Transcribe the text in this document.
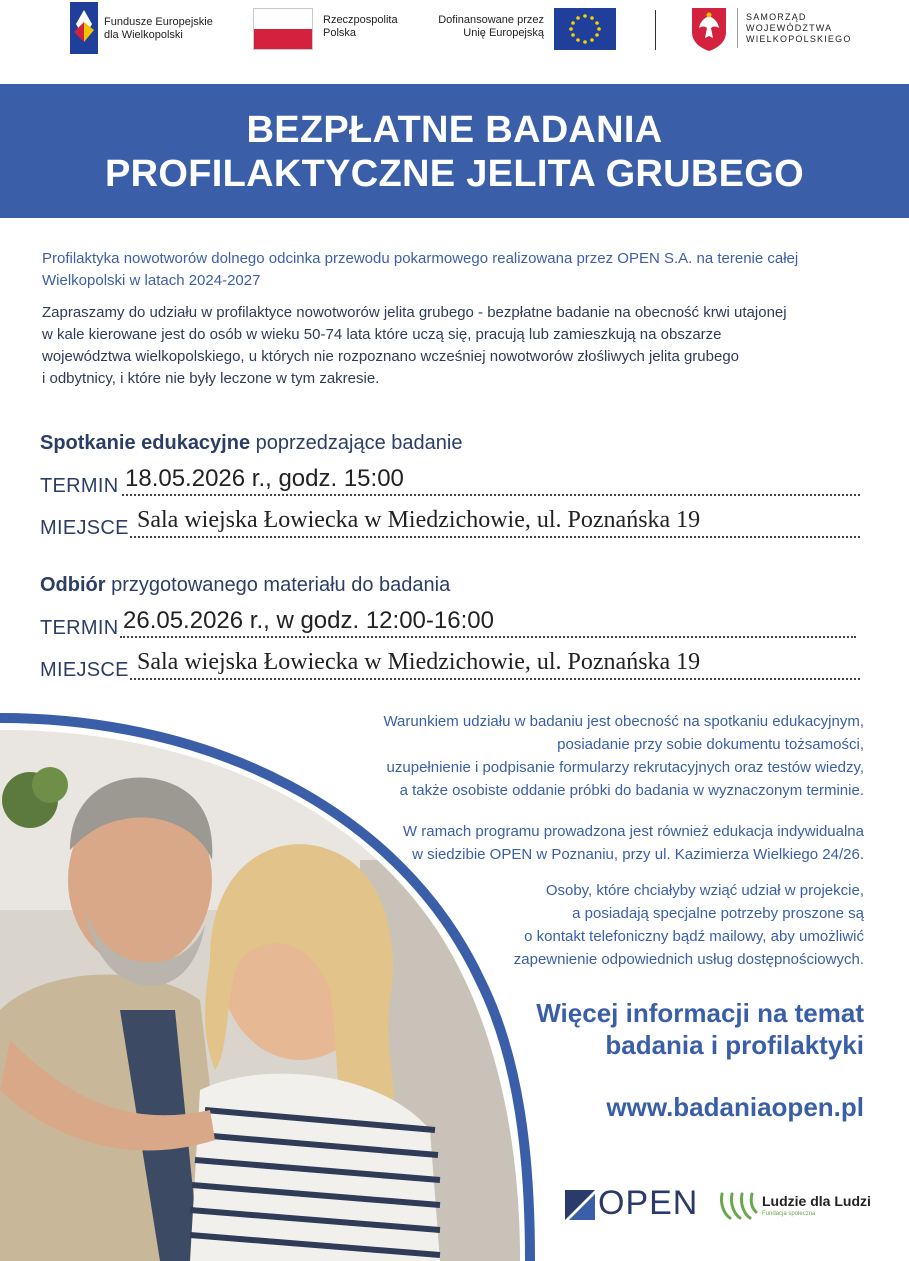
Fundusze Europejskie
dla Wielkopolski
Rzeczpospolita
Polska
Dofinansowane przez
Unię Europejską
SAMORZĄD
WOJEWÓDZTWA
WIELKOPOLSKIEGO
BEZPŁATNE BADANIA
PROFILAKTYCZNE JELITA GRUBEGO
Profilaktyka nowotworów dolnego odcinka przewodu pokarmowego realizowana przez OPEN S.A. na terenie całej
Wielkopolski w latach 2024-2027
Zapraszamy do udziału w profilaktyce nowotworów jelita grubego - bezpłatne badanie na obecność krwi utajonej
w kale kierowane jest do osób w wieku 50-74 lata które uczą się, pracują lub zamieszkują na obszarze
województwa wielkopolskiego, u których nie rozpoznano wcześniej nowotworów złośliwych jelita grubego
i odbytnicy, i które nie były leczone w tym zakresie.
Spotkanie edukacyjne poprzedzające badanie
TERMIN 18.05.2026 r., godz. 15:00
MIEJSCE Sala wiejska Łowiecka w Miedzichowie, ul. Poznańska 19
Odbiór przygotowanego materiału do badania
TERMIN 26.05.2026 r., w godz. 12:00-16:00
MIEJSCE Sala wiejska Łowiecka w Miedzichowie, ul. Poznańska 19
Warunkiem udziału w badaniu jest obecność na spotkaniu edukacyjnym,
posiadanie przy sobie dokumentu tożsamości,
uzupełnienie i podpisanie formularzy rekrutacyjnych oraz testów wiedzy,
a także osobiste oddanie próbki do badania w wyznaczonym terminie.
W ramach programu prowadzona jest również edukacja indywidualna
w siedzibie OPEN w Poznaniu, przy ul. Kazimierza Wielkiego 24/26.
Osoby, które chciałyby wziąć udział w projekcie,
a posiadają specjalne potrzeby proszone są
o kontakt telefoniczny bądź mailowy, aby umożliwić
zapewnienie odpowiednich usług dostępnościowych.
Więcej informacji na temat
badania i profilaktyki
www.badaniaopen.pl
OPEN	Ludzie dla Ludzi
Fundacja społeczna
